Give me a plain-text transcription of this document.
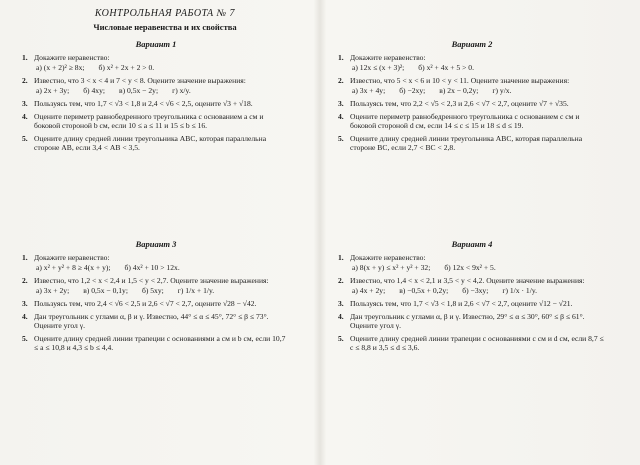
КОНТРОЛЬНАЯ РАБОТА № 7
Числовые неравенства и их свойства
Вариант 1
1. Докажите неравенство:
а) (x + 2)² ≥ 8x; б) x² + 2x + 2 > 0.
2. Известно, что 3 < x < 4 и 7 < y < 8. Оцените значение выражения:
а) 2x + 3y; б) 4xy; в) 0,5x − 2y; г) x/y.
3. Пользуясь тем, что 1,7 < √3 < 1,8 и 2,4 < √6 < 2,5, оцените √3 + √18.
4. Оцените периметр равнобедренного треугольника с основанием a см и боковой стороной b см, если 10 ≤ a ≤ 11 и 15 ≤ b ≤ 16.
5. Оцените длину средней линии треугольника ABC, которая параллельна стороне AB, если 3,4 < AB < 3,5.
Вариант 2
1. Докажите неравенство:
а) 12x ≤ (x + 3)²; б) x² + 4x + 5 > 0.
2. Известно, что 5 < x < 6 и 10 < y < 11. Оцените значение выражения:
а) 3x + 4y; б) −2xy; в) 2x − 0,2y; г) y/x.
3. Пользуясь тем, что 2,2 < √5 < 2,3 и 2,6 < √7 < 2,7, оцените √7 + √35.
4. Оцените периметр равнобедренного треугольника с основанием c см и боковой стороной d см, если 14 ≤ c ≤ 15 и 18 ≤ d ≤ 19.
5. Оцените длину средней линии треугольника ABC, которая параллельна стороне BC, если 2,7 < BC < 2,8.
Вариант 3
1. Докажите неравенство:
а) x² + y² + 8 ≥ 4(x + y); б) 4x² + 10 > 12x.
2. Известно, что 1,2 < x < 2,4 и 1,5 < y < 2,7. Оцените значение выражения:
а) 3x + 2y; в) 0,5x − 0,1y; б) 5xy; г) 1/x + 1/y.
3. Пользуясь тем, что 2,4 < √6 < 2,5 и 2,6 < √7 < 2,7, оцените √28 − √42.
4. Дан треугольник с углами α, β и γ. Известно, 44° ≤ α ≤ 45°, 72° ≤ β ≤ 73°. Оцените угол γ.
5. Оцените длину средней линии трапеции с основаниями a см и b см, если 10,7 ≤ a ≤ 10,8 и 4,3 ≤ b ≤ 4,4.
Вариант 4
1. Докажите неравенство:
а) 8(x + y) ≤ x² + y² + 32; б) 12x < 9x² + 5.
2. Известно, что 1,4 < x < 2,1 и 3,5 < y < 4,2. Оцените значение выражения:
а) 4x + 2y; в) −0,5x + 0,2y; б) −3xy; г) 1/x · 1/y.
3. Пользуясь тем, что 1,7 < √3 < 1,8 и 2,6 < √7 < 2,7, оцените √12 − √21.
4. Дан треугольник с углами α, β и γ. Известно, 29° ≤ α ≤ 30°, 60° ≤ β ≤ 61°. Оцените угол γ.
5. Оцените длину средней линии трапеции с основаниями c см и d см, если 8,7 ≤ c ≤ 8,8 и 3,5 ≤ d ≤ 3,6.
